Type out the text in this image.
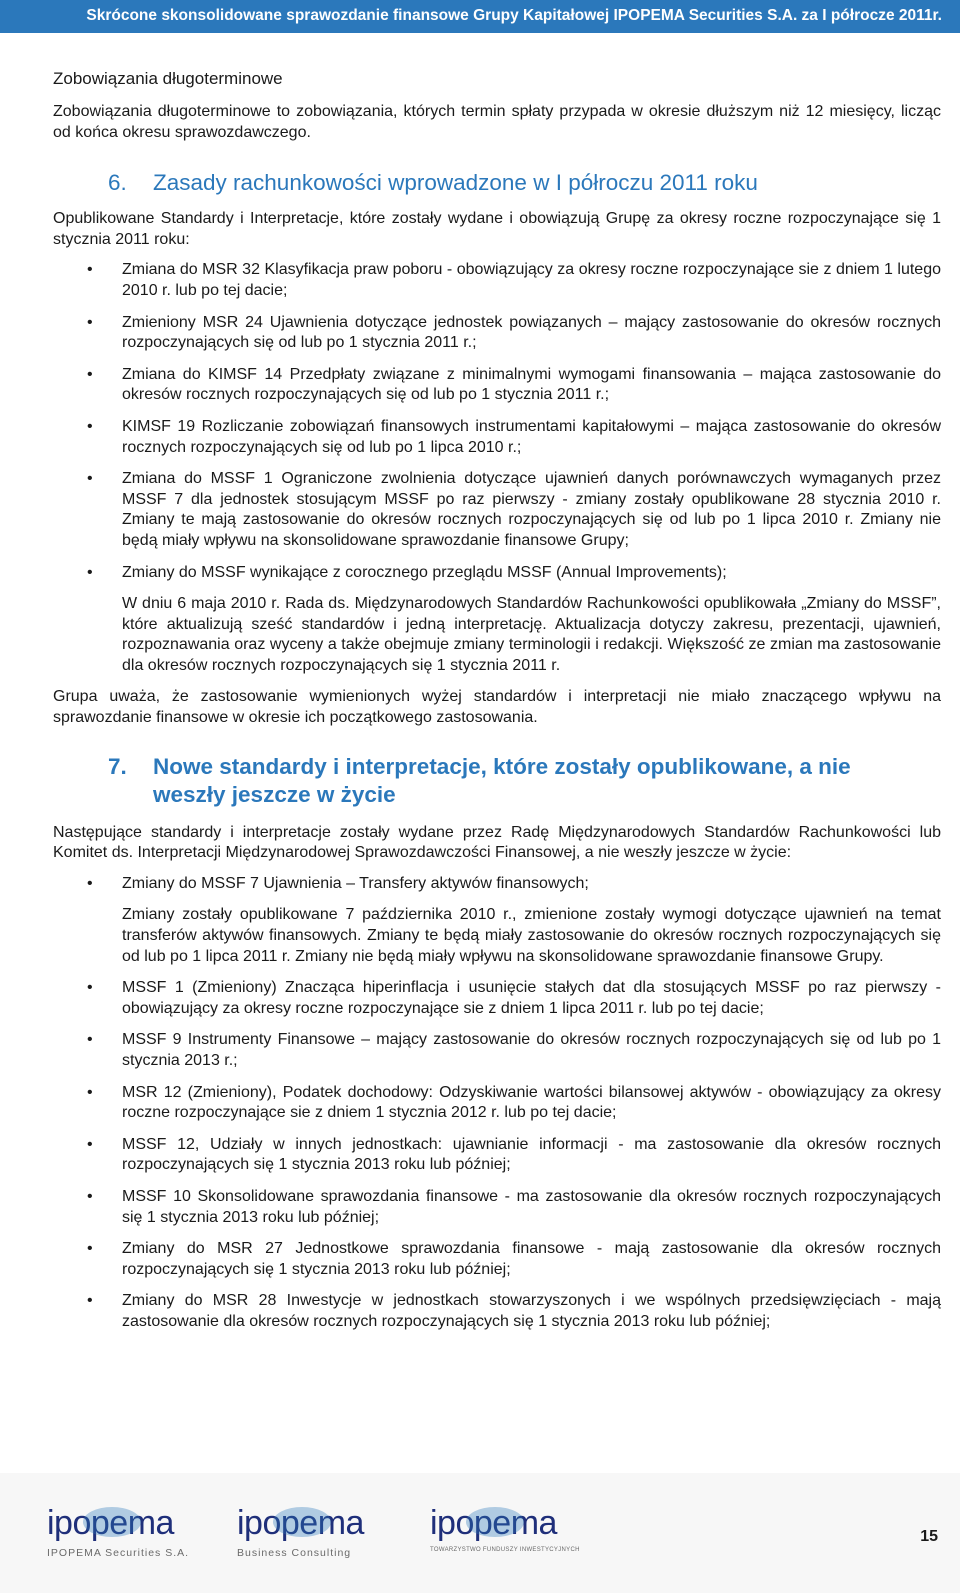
Skrócone skonsolidowane sprawozdanie finansowe Grupy Kapitałowej IPOPEMA Securities S.A. za I półrocze 2011r.
Zobowiązania długoterminowe
Zobowiązania długoterminowe to zobowiązania, których termin spłaty przypada w okresie dłuższym niż 12 miesięcy, licząc od końca okresu sprawozdawczego.
6.	Zasady rachunkowości wprowadzone w I półroczu 2011 roku
Opublikowane Standardy i Interpretacje, które zostały wydane i obowiązują Grupę za okresy roczne rozpoczynające się 1 stycznia 2011 roku:
• Zmiana do MSR 32 Klasyfikacja praw poboru - obowiązujący za okresy roczne rozpoczynające sie z dniem 1 lutego 2010 r. lub po tej dacie;
• Zmieniony MSR 24 Ujawnienia dotyczące jednostek powiązanych – mający zastosowanie do okresów rocznych rozpoczynających się od lub po 1 stycznia 2011 r.;
• Zmiana do KIMSF 14 Przedpłaty związane z minimalnymi wymogami finansowania – mająca zastosowanie do okresów rocznych rozpoczynających się od lub po 1 stycznia 2011 r.;
• KIMSF 19 Rozliczanie zobowiązań finansowych instrumentami kapitałowymi – mająca zastosowanie do okresów rocznych rozpoczynających się od lub po 1 lipca 2010 r.;
• Zmiana do MSSF 1 Ograniczone zwolnienia dotyczące ujawnień danych porównawczych wymaganych przez MSSF 7 dla jednostek stosującym MSSF po raz pierwszy - zmiany zostały opublikowane 28 stycznia 2010 r. Zmiany te mają zastosowanie do okresów rocznych rozpoczynających się od lub po 1 lipca 2010 r. Zmiany nie będą miały wpływu na skonsolidowane sprawozdanie finansowe Grupy;
• Zmiany do MSSF wynikające z corocznego przeglądu MSSF (Annual Improvements);
W dniu 6 maja 2010 r. Rada ds. Międzynarodowych Standardów Rachunkowości opublikowała „Zmiany do MSSF”, które aktualizują sześć standardów i jedną interpretację. Aktualizacja dotyczy zakresu, prezentacji, ujawnień, rozpoznawania oraz wyceny a także obejmuje zmiany terminologii i redakcji. Większość ze zmian ma zastosowanie dla okresów rocznych rozpoczynających się 1 stycznia 2011 r.
Grupa uważa, że zastosowanie wymienionych wyżej standardów i interpretacji nie miało znaczącego wpływu na sprawozdanie finansowe w okresie ich początkowego zastosowania.
7.	Nowe standardy i interpretacje, które zostały opublikowane, a nie weszły jeszcze w życie
Następujące standardy i interpretacje zostały wydane przez Radę Międzynarodowych Standardów Rachunkowości lub Komitet ds. Interpretacji Międzynarodowej Sprawozdawczości Finansowej, a nie weszły jeszcze w życie:
• Zmiany do MSSF 7 Ujawnienia – Transfery aktywów finansowych;
Zmiany zostały opublikowane 7 października 2010 r., zmienione zostały wymogi dotyczące ujawnień na temat transferów aktywów finansowych. Zmiany te będą miały zastosowanie do okresów rocznych rozpoczynających się od lub po 1 lipca 2011 r. Zmiany nie będą miały wpływu na skonsolidowane sprawozdanie finansowe Grupy.
• MSSF 1 (Zmieniony) Znacząca hiperinflacja i usunięcie stałych dat dla stosujących MSSF po raz pierwszy - obowiązujący za okresy roczne rozpoczynające sie z dniem 1 lipca 2011 r. lub po tej dacie;
• MSSF 9 Instrumenty Finansowe – mający zastosowanie do okresów rocznych rozpoczynających się od lub po 1 stycznia 2013 r.;
• MSR 12 (Zmieniony), Podatek dochodowy: Odzyskiwanie wartości bilansowej aktywów - obowiązujący za okresy roczne rozpoczynające sie z dniem 1 stycznia 2012 r. lub po tej dacie;
• MSSF 12, Udziały w innych jednostkach: ujawnianie informacji - ma zastosowanie dla okresów rocznych rozpoczynających się 1 stycznia 2013 roku lub później;
• MSSF 10 Skonsolidowane sprawozdania finansowe - ma zastosowanie dla okresów rocznych rozpoczynających się 1 stycznia 2013 roku lub później;
• Zmiany do MSR 27 Jednostkowe sprawozdania finansowe - mają zastosowanie dla okresów rocznych rozpoczynających się 1 stycznia 2013 roku lub później;
• Zmiany do MSR 28 Inwestycje w jednostkach stowarzyszonych i we wspólnych przedsięwzięciach - mają zastosowanie dla okresów rocznych rozpoczynających się 1 stycznia 2013 roku lub później;
ipopema
IPOPEMA Securities S.A.
ipopema
Business Consulting
ipopema
TOWARZYSTWO FUNDUSZY INWESTYCYJNYCH
15
